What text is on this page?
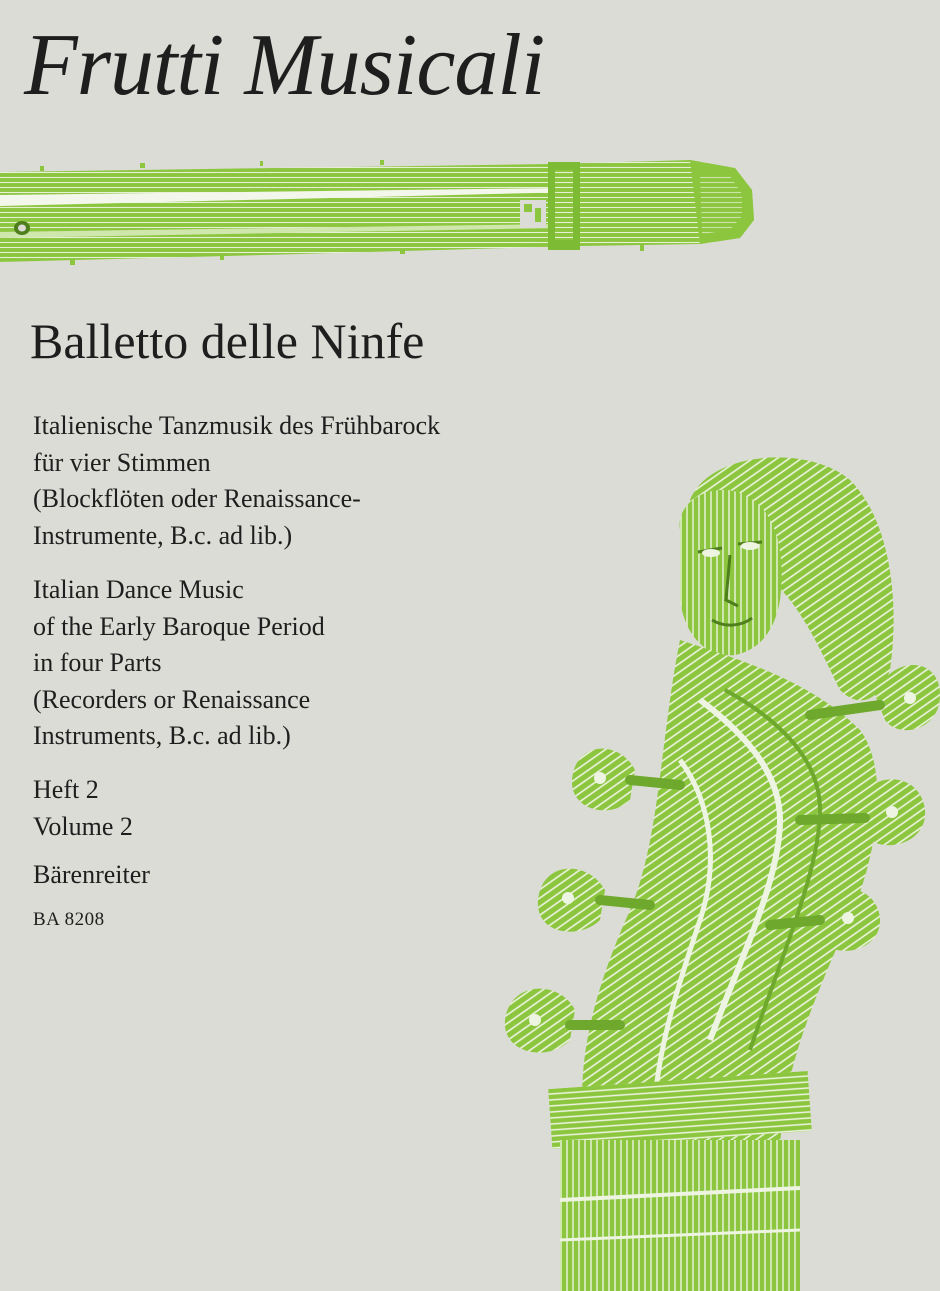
Frutti Musicali
Balletto delle Ninfe
Italienische Tanzmusik des Frühbarock
für vier Stimmen
(Blockflöten oder Renaissance-
Instrumente, B.c. ad lib.)
Italian Dance Music
of the Early Baroque Period
in four Parts
(Recorders or Renaissance
Instruments, B.c. ad lib.)
Heft 2
Volume 2
Bärenreiter
BA 8208
